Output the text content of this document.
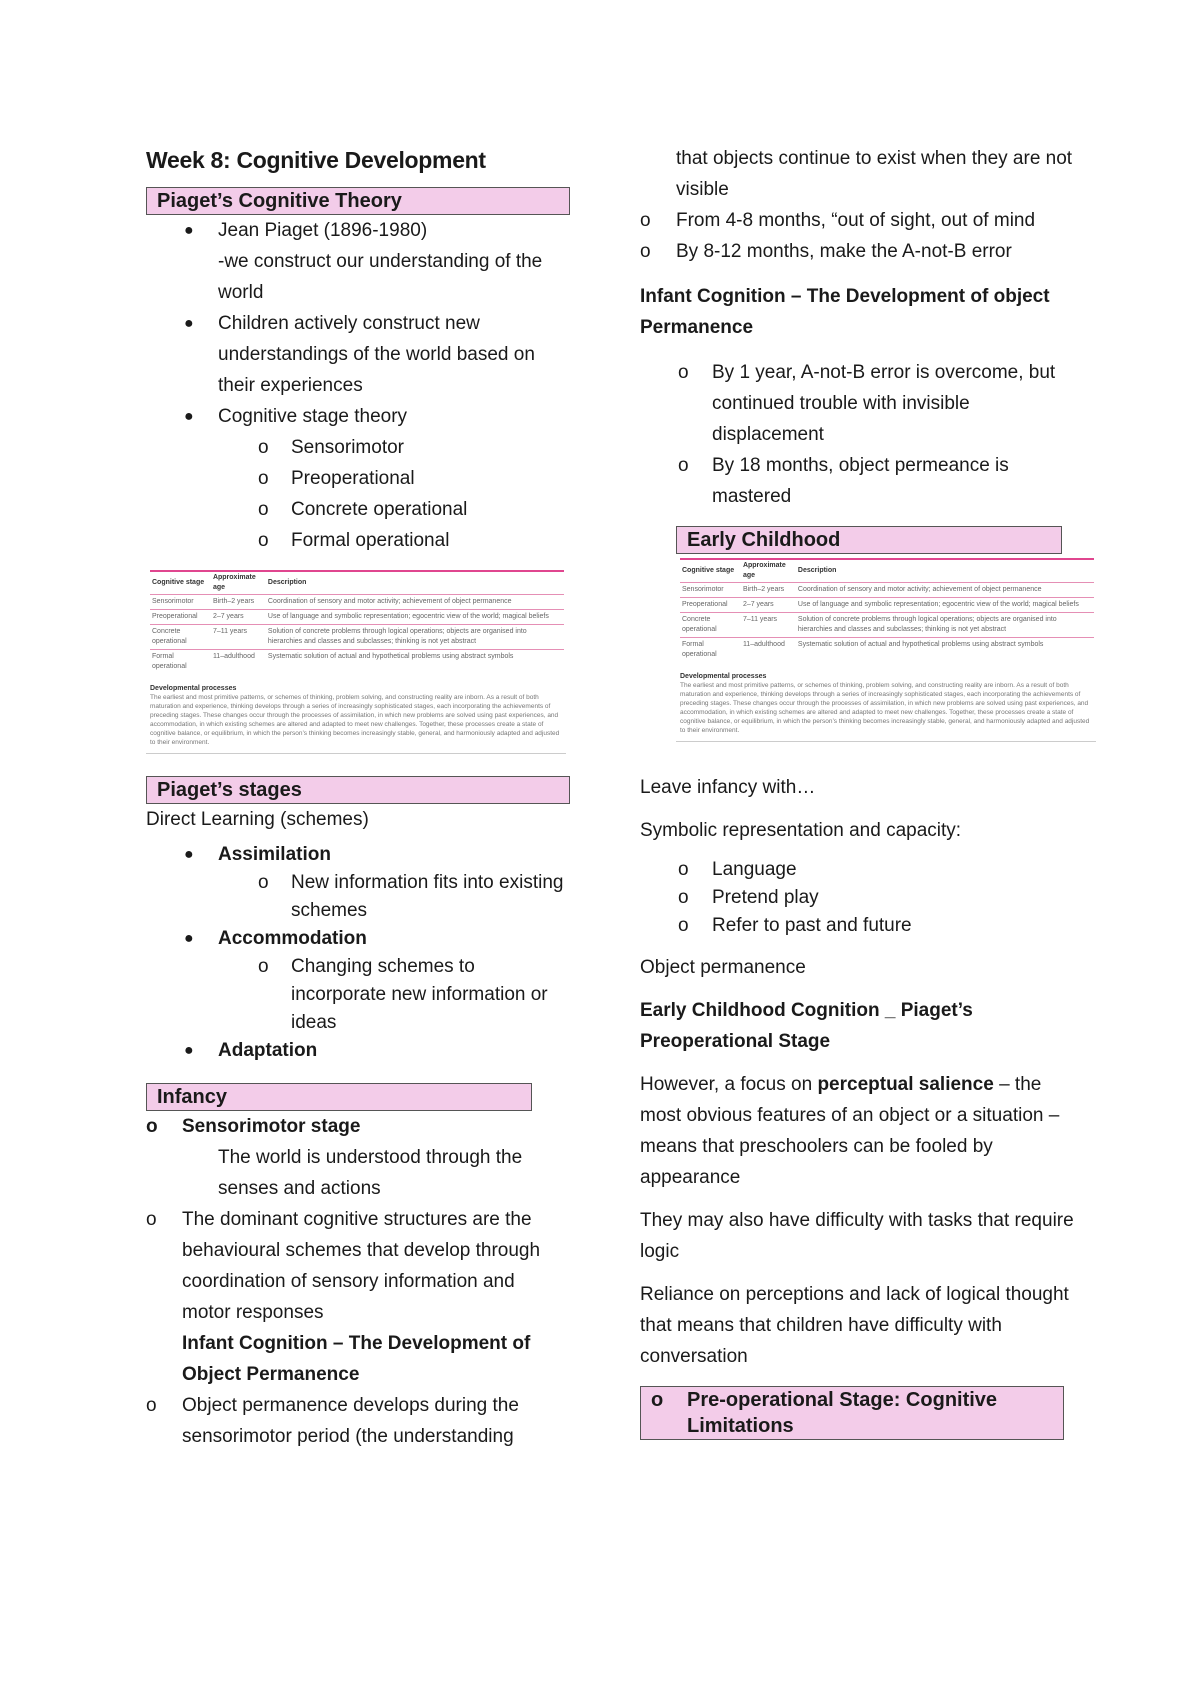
Week 8: Cognitive Development
Piaget’s Cognitive Theory
● Jean Piaget (1896-1980)
-we construct our understanding of the world
● Children actively construct new understandings of the world based on their experiences
● Cognitive stage theory
o Sensorimotor
o Preoperational
o Concrete operational
o Formal operational
Cognitive stage	Approximate age	Description
Sensorimotor	Birth–2 years	Coordination of sensory and motor activity; achievement of object permanence
Preoperational	2–7 years	Use of language and symbolic representation; egocentric view of the world; magical beliefs
Concrete operational	7–11 years	Solution of concrete problems through logical operations; objects are organised into hierarchies and classes and subclasses; thinking is not yet abstract
Formal operational	11–adulthood	Systematic solution of actual and hypothetical problems using abstract symbols
Developmental processes
The earliest and most primitive patterns, or schemes of thinking, problem solving, and constructing reality are inborn. As a result of both maturation and experience, thinking develops through a series of increasingly sophisticated stages, each incorporating the achievements of preceding stages. These changes occur through the processes of assimilation, in which new problems are solved using past experiences, and accommodation, in which existing schemes are altered and adapted to meet new challenges. Together, these processes create a state of cognitive balance, or equilibrium, in which the person’s thinking becomes increasingly stable, general, and harmoniously adapted and adjusted to their environment.
Piaget’s stages

Direct Learning (schemes)

● Assimilation
o New information fits into existing schemes
● Accommodation
o Changing schemes to incorporate new information or ideas
● Adaptation
Infancy
o Sensorimotor stage

The world is understood through the senses and actions

o The dominant cognitive structures are the behavioural schemes that develop through coordination of sensory information and motor responses
Infant Cognition – The Development of Object Permanence
o Object permanence develops during the sensorimotor period (the understanding

that objects continue to exist when they are not visible

o From 4-8 months, “out of sight, out of mind
o By 8-12 months, make the A-not-B error

Infant Cognition – The Development of object Permanence

o By 1 year, A-not-B error is overcome, but continued trouble with invisible displacement
o By 18 months, object permeance is mastered
Early Childhood
Cognitive stage	Approximate age	Description
Sensorimotor	Birth–2 years	Coordination of sensory and motor activity; achievement of object permanence
Preoperational	2–7 years	Use of language and symbolic representation; egocentric view of the world; magical beliefs
Concrete operational	7–11 years	Solution of concrete problems through logical operations; objects are organised into hierarchies and classes and subclasses; thinking is not yet abstract
Formal operational	11–adulthood	Systematic solution of actual and hypothetical problems using abstract symbols
Developmental processes
The earliest and most primitive patterns, or schemes of thinking, problem solving, and constructing reality are inborn. As a result of both maturation and experience, thinking develops through a series of increasingly sophisticated stages, each incorporating the achievements of preceding stages. These changes occur through the processes of assimilation, in which new problems are solved using past experiences, and accommodation, in which existing schemes are altered and adapted to meet new challenges. Together, these processes create a state of cognitive balance, or equilibrium, in which the person’s thinking becomes increasingly stable, general, and harmoniously adapted and adjusted to their environment.

Leave infancy with…

Symbolic representation and capacity:

o Language
o Pretend play
o Refer to past and future

Object permanence

Early Childhood Cognition _ Piaget’s Preoperational Stage

However, a focus on perceptual salience – the most obvious features of an object or a situation – means that preschoolers can be fooled by appearance

They may also have difficulty with tasks that require logic

Reliance on perceptions and lack of logical thought that means that children have difficulty with conversation

o Pre-operational Stage: Cognitive Limitations
